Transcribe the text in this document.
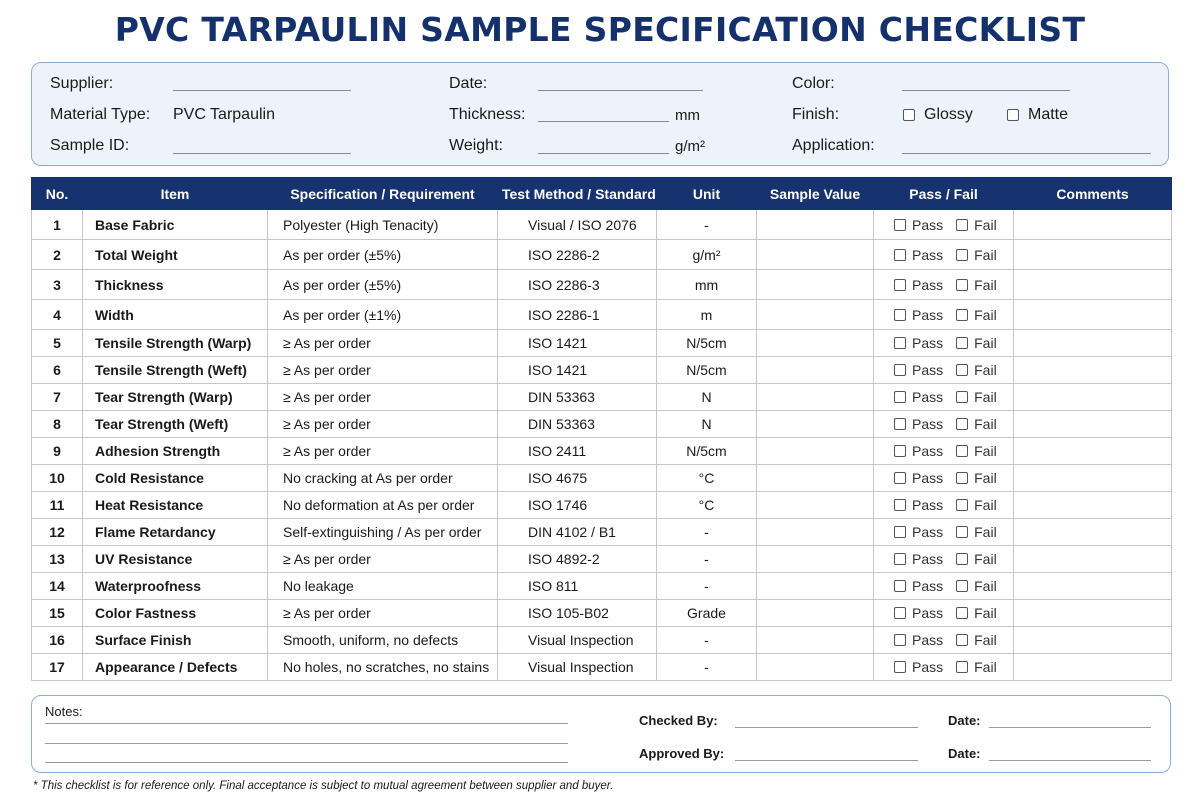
PVC TARPAULIN SAMPLE SPECIFICATION CHECKLIST
Supplier:
Material Type: PVC Tarpaulin
Sample ID:
Date:
Thickness:	mm
Weight:	g/m²
Color:
Finish:	Glossy	Matte
Application:
No.	Item	Specification / Requirement	Test Method / Standard	Unit	Sample Value	Pass / Fail	Comments
1	Base Fabric	Polyester (High Tenacity)	Visual / ISO 2076	-		Pass Fail	

2	Total Weight	As per order (±5%)	ISO 2286-2	g/m²		Pass Fail	

3	Thickness	As per order (±5%)	ISO 2286-3	mm		Pass Fail	

4	Width	As per order (±1%)	ISO 2286-1	m		Pass Fail	

5	Tensile Strength (Warp)	≥ As per order	ISO 1421	N/5cm		Pass Fail	

6	Tensile Strength (Weft)	≥ As per order	ISO 1421	N/5cm		Pass Fail	

7	Tear Strength (Warp)	≥ As per order	DIN 53363	N		Pass Fail	

8	Tear Strength (Weft)	≥ As per order	DIN 53363	N		Pass Fail	

9	Adhesion Strength	≥ As per order	ISO 2411	N/5cm		Pass Fail	

10	Cold Resistance	No cracking at As per order	ISO 4675	°C		Pass Fail	

11	Heat Resistance	No deformation at As per order	ISO 1746	°C		Pass Fail	

12	Flame Retardancy	Self-extinguishing / As per order	DIN 4102 / B1	-		Pass Fail	

13	UV Resistance	≥ As per order	ISO 4892-2	-		Pass Fail	

14	Waterproofness	No leakage	ISO 811	-		Pass Fail	

15	Color Fastness	≥ As per order	ISO 105-B02	Grade		Pass Fail	

16	Surface Finish	Smooth, uniform, no defects	Visual Inspection	-		Pass Fail	

17	Appearance / Defects	No holes, no scratches, no stains	Visual Inspection	-		Pass Fail	

Notes:
Checked By:
Approved By:
Date:
Date:
* This checklist is for reference only. Final acceptance is subject to mutual agreement between supplier and buyer.
